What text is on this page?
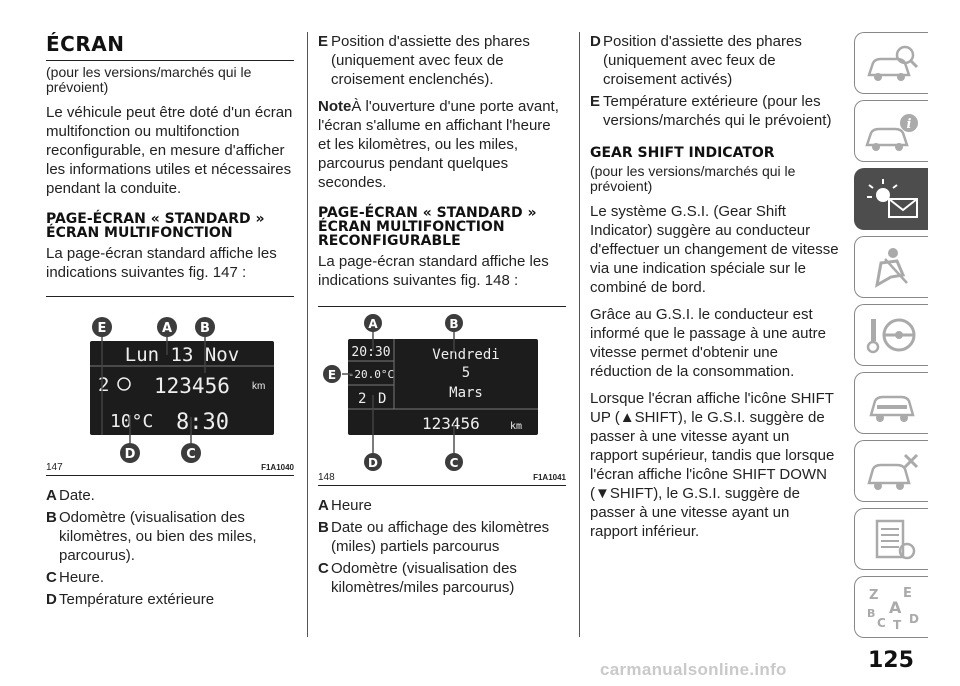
ÉCRAN
(pour les versions/marchés qui le prévoient)
Le véhicule peut être doté d'un écran multifonction ou multifonction reconfigurable, en mesure d'afficher les informations utiles et nécessaires pendant la conduite.
PAGE-ÉCRAN « STANDARD » ÉCRAN MULTIFONCTION
La page-écran standard affiche les indications suivantes fig. 147 :
Lun 13 Nov
2 123456 km
10°C 8:30
E	A B
D	C
147	F1A1040
A Date.
B Odomètre (visualisation des kilomètres, ou bien des miles, parcourus).
C Heure.
D Température extérieure
E Position d'assiette des phares (uniquement avec feux de croisement enclenchés).
NoteÀ l'ouverture d'une porte avant, l'écran s'allume en affichant l'heure et les kilomètres, ou les miles, parcourus pendant quelques secondes.
PAGE-ÉCRAN « STANDARD » ÉCRAN MULTIFONCTION RECONFIGURABLE
La page-écran standard affiche les indications suivantes fig. 148 :
20:30
-20.0°C
2 D
Vendredi
5
Mars
123456	km
A	B
E
D	C
148	F1A1041
A Heure
B Date ou affichage des kilomètres (miles) partiels parcourus
C Odomètre (visualisation des kilomètres/miles parcourus)
D Position d'assiette des phares (uniquement avec feux de croisement activés)
E Température extérieure (pour les versions/marchés qui le prévoient)
GEAR SHIFT INDICATOR
(pour les versions/marchés qui le prévoient)
Le système G.S.I. (Gear Shift Indicator) suggère au conducteur d'effectuer un changement de vitesse via une indication spéciale sur le combiné de bord.
Grâce au G.S.I. le conducteur est informé que le passage à une autre vitesse permet d'obtenir une réduction de la consommation.
Lorsque l'écran affiche l'icône SHIFT UP (▲SHIFT), le G.S.I. suggère de passer à une vitesse ayant un rapport supérieur, tandis que lorsque l'écran affiche l'icône SHIFT DOWN (▼SHIFT), le G.S.I. suggère de passer à une vitesse ayant un rapport inférieur.
i
Z E
B A
C T D
125
carmanualsonline.info
